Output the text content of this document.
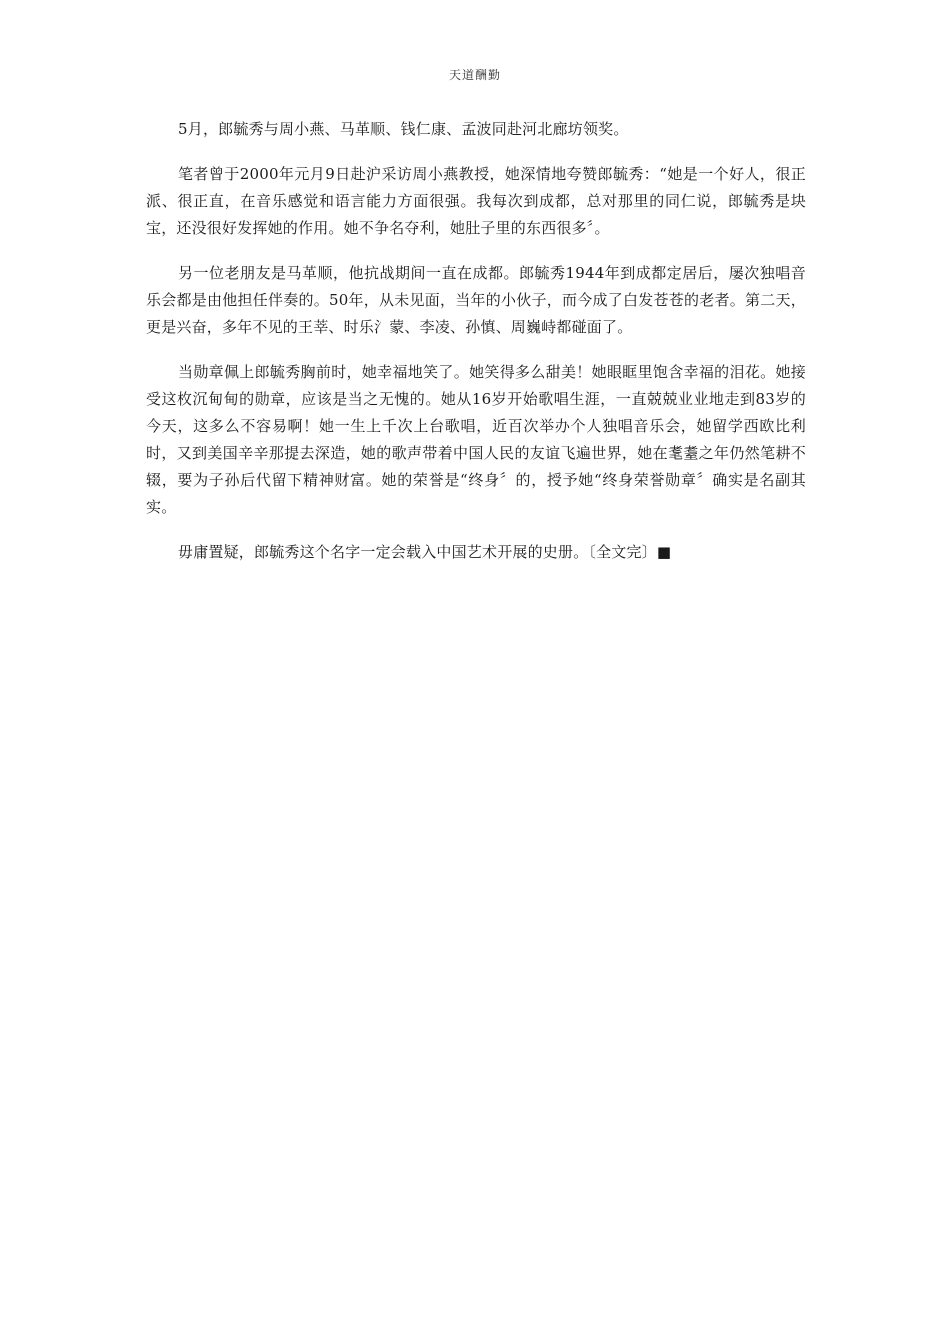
天道酬勤

5月，郎毓秀与周小燕、马革顺、钱仁康、孟波同赴河北廊坊领奖。

笔者曾于2000年元月9日赴沪采访周小燕教授，她深情地夸赞郎毓秀：“她是一个好人，很正派、很正直，在音乐感觉和语言能力方面很强。我每次到成都，总对那里的同仁说，郎毓秀是块宝，还没很好发挥她的作用。她不争名夺利，她肚子里的东西很多〞。

另一位老朋友是马革顺，他抗战期间一直在成都。郎毓秀1944年到成都定居后，屡次独唱音乐会都是由他担任伴奏的。50年，从未见面，当年的小伙子，而今成了白发苍苍的老者。第二天，更是兴奋，多年不见的王莘、时乐氵蒙、李凌、孙慎、周巍峙都碰面了。

当勋章佩上郎毓秀胸前时，她幸福地笑了。她笑得多么甜美！她眼眶里饱含幸福的泪花。她接受这枚沉甸甸的勋章，应该是当之无愧的。她从16岁开始歌唱生涯，一直兢兢业业地走到83岁的今天，这多么不容易啊！她一生上千次上台歌唱，近百次举办个人独唱音乐会，她留学西欧比利时，又到美国辛辛那提去深造，她的歌声带着中国人民的友谊飞遍世界，她在耄耋之年仍然笔耕不辍，要为子孙后代留下精神财富。她的荣誉是“终身〞的，授予她“终身荣誉勋章〞确实是名副其实。

毋庸置疑，郎毓秀这个名字一定会载入中国艺术开展的史册。〔全文完〕■
